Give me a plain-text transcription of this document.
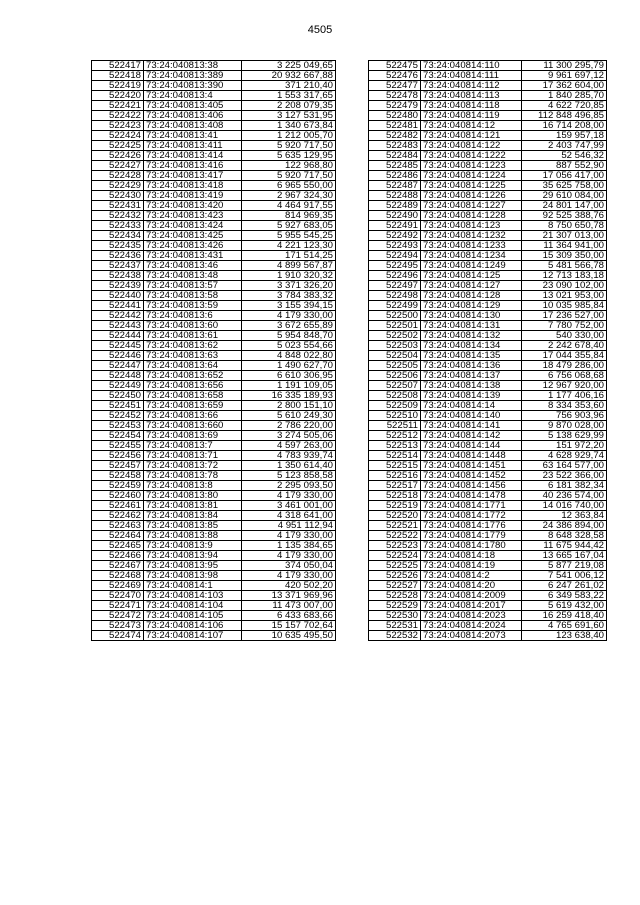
4505
522417	73:24:040813:38	3 225 049,65
522418	73:24:040813:389	20 932 667,88
522419	73:24:040813:390	371 210,40
522420	73:24:040813:4	1 553 317,65
522421	73:24:040813:405	2 208 079,35
522422	73:24:040813:406	3 127 531,95
522423	73:24:040813:408	1 340 673,84
522424	73:24:040813:41	1 212 005,70
522425	73:24:040813:411	5 920 717,50
522426	73:24:040813:414	5 635 129,95
522427	73:24:040813:416	122 968,80
522428	73:24:040813:417	5 920 717,50
522429	73:24:040813:418	6 965 550,00
522430	73:24:040813:419	2 967 324,30
522431	73:24:040813:420	4 464 917,55
522432	73:24:040813:423	814 969,35
522433	73:24:040813:424	5 927 683,05
522434	73:24:040813:425	5 955 545,25
522435	73:24:040813:426	4 221 123,30
522436	73:24:040813:431	171 514,25
522437	73:24:040813:46	4 899 567,87
522438	73:24:040813:48	1 910 320,32
522439	73:24:040813:57	3 371 326,20
522440	73:24:040813:58	3 784 383,32
522441	73:24:040813:59	3 155 394,15
522442	73:24:040813:6	4 179 330,00
522443	73:24:040813:60	3 672 655,89
522444	73:24:040813:61	5 954 848,70
522445	73:24:040813:62	5 023 554,66
522446	73:24:040813:63	4 848 022,80
522447	73:24:040813:64	1 490 627,70
522448	73:24:040813:652	6 610 306,95
522449	73:24:040813:656	1 191 109,05
522450	73:24:040813:658	16 335 189,93
522451	73:24:040813:659	2 800 151,10
522452	73:24:040813:66	5 610 249,30
522453	73:24:040813:660	2 786 220,00
522454	73:24:040813:69	3 274 505,06
522455	73:24:040813:7	4 597 263,00
522456	73:24:040813:71	4 783 939,74
522457	73:24:040813:72	1 350 614,40
522458	73:24:040813:78	5 123 858,58
522459	73:24:040813:8	2 295 093,50
522460	73:24:040813:80	4 179 330,00
522461	73:24:040813:81	3 461 001,00
522462	73:24:040813:84	4 318 641,00
522463	73:24:040813:85	4 951 112,94
522464	73:24:040813:88	4 179 330,00
522465	73:24:040813:9	1 135 384,65
522466	73:24:040813:94	4 179 330,00
522467	73:24:040813:95	374 050,04
522468	73:24:040813:98	4 179 330,00
522469	73:24:040814:1	420 502,20
522470	73:24:040814:103	13 371 969,96
522471	73:24:040814:104	11 473 007,00
522472	73:24:040814:105	6 433 683,66
522473	73:24:040814:106	15 157 702,64
522474	73:24:040814:107	10 635 495,50
522475	73:24:040814:110	11 300 295,79
522476	73:24:040814:111	9 961 697,12
522477	73:24:040814:112	17 362 604,00
522478	73:24:040814:113	1 840 285,70
522479	73:24:040814:118	4 622 720,85
522480	73:24:040814:119	112 848 496,85
522481	73:24:040814:12	16 714 208,00
522482	73:24:040814:121	159 957,18
522483	73:24:040814:122	2 403 747,99
522484	73:24:040814:1222	52 546,32
522485	73:24:040814:1223	887 552,90
522486	73:24:040814:1224	17 056 417,00
522487	73:24:040814:1225	35 625 758,00
522488	73:24:040814:1226	29 610 084,00
522489	73:24:040814:1227	24 801 147,00
522490	73:24:040814:1228	92 525 388,76
522491	73:24:040814:123	8 750 650,78
522492	73:24:040814:1232	21 307 013,00
522493	73:24:040814:1233	11 364 941,00
522494	73:24:040814:1234	15 309 350,00
522495	73:24:040814:1249	5 481 566,78
522496	73:24:040814:125	12 713 183,18
522497	73:24:040814:127	23 090 102,00
522498	73:24:040814:128	13 021 953,00
522499	73:24:040814:129	10 035 985,84
522500	73:24:040814:130	17 236 527,00
522501	73:24:040814:131	7 780 752,00
522502	73:24:040814:132	540 330,00
522503	73:24:040814:134	2 242 678,40
522504	73:24:040814:135	17 044 355,84
522505	73:24:040814:136	18 479 286,00
522506	73:24:040814:137	6 756 068,68
522507	73:24:040814:138	12 967 920,00
522508	73:24:040814:139	1 177 406,16
522509	73:24:040814:14	8 334 353,60
522510	73:24:040814:140	756 903,96
522511	73:24:040814:141	9 870 028,00
522512	73:24:040814:142	5 138 629,99
522513	73:24:040814:144	151 972,20
522514	73:24:040814:1448	4 628 929,74
522515	73:24:040814:1451	63 164 577,00
522516	73:24:040814:1452	23 522 366,00
522517	73:24:040814:1456	6 181 382,34
522518	73:24:040814:1478	40 236 574,00
522519	73:24:040814:1771	14 016 740,00
522520	73:24:040814:1772	12 363,84
522521	73:24:040814:1776	24 386 894,00
522522	73:24:040814:1779	8 648 328,58
522523	73:24:040814:1780	11 675 944,42
522524	73:24:040814:18	13 665 167,04
522525	73:24:040814:19	5 877 219,08
522526	73:24:040814:2	7 541 006,12
522527	73:24:040814:20	6 247 261,02
522528	73:24:040814:2009	6 349 583,22
522529	73:24:040814:2017	5 619 432,00
522530	73:24:040814:2023	16 259 418,40
522531	73:24:040814:2024	4 765 691,60
522532	73:24:040814:2073	123 638,40
